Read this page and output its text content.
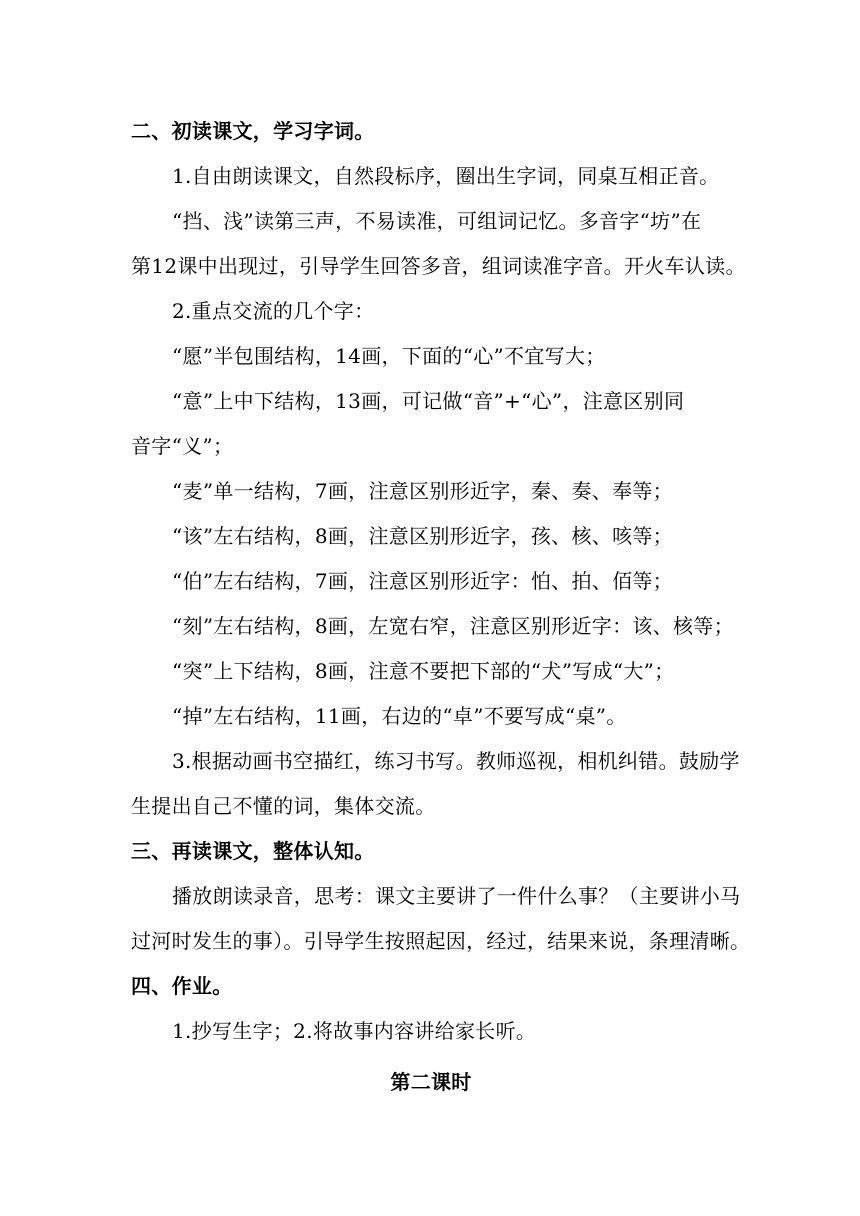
二、初读课文，学习字词。
1.自由朗读课文，自然段标序，圈出生字词，同桌互相正音。
“挡、浅”读第三声，不易读准，可组词记忆。多音字“坊”在
第12课中出现过，引导学生回答多音，组词读准字音。开火车认读。
2.重点交流的几个字：
“愿”半包围结构，14画，下面的“心”不宜写大；
“意”上中下结构，13画，可记做“音”+“心”，注意区别同
音字“义”；
“麦”单一结构，7画，注意区别形近字，秦、奏、奉等；
“该”左右结构，8画，注意区别形近字，孩、核、咳等；
“伯”左右结构，7画，注意区别形近字：怕、拍、佰等；
“刻”左右结构，8画，左宽右窄，注意区别形近字：该、核等；
“突”上下结构，8画，注意不要把下部的“犬”写成“大”；
“掉”左右结构，11画，右边的“卓”不要写成“桌”。
3.根据动画书空描红，练习书写。教师巡视，相机纠错。鼓励学
生提出自己不懂的词，集体交流。
三、再读课文，整体认知。
播放朗读录音，思考：课文主要讲了一件什么事？（主要讲小马
过河时发生的事）。引导学生按照起因，经过，结果来说，条理清晰。
四、作业。
1.抄写生字；2.将故事内容讲给家长听。
第二课时
